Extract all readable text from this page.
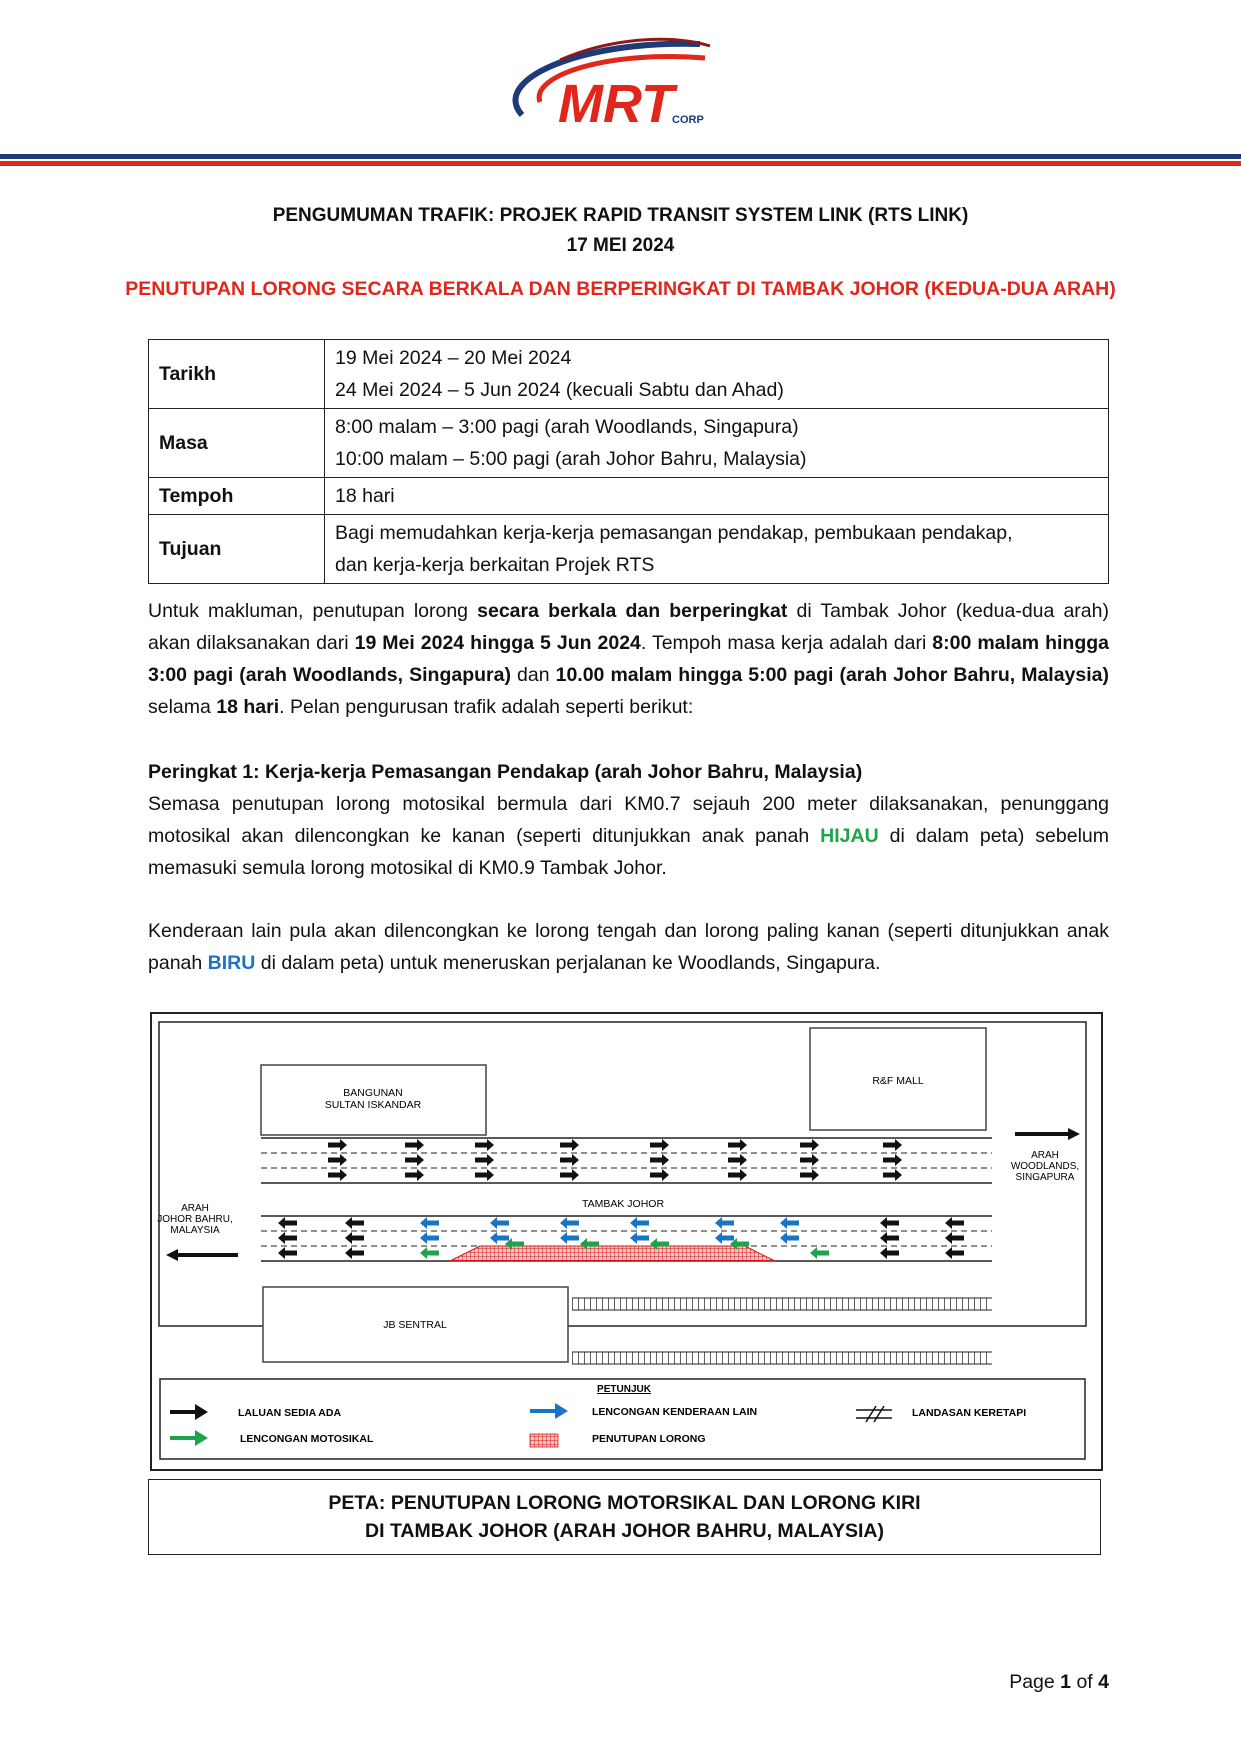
MRT
CORP
PENGUMUMAN TRAFIK: PROJEK RAPID TRANSIT SYSTEM LINK (RTS LINK)
17 MEI 2024
PENUTUPAN LORONG SECARA BERKALA DAN BERPERINGKAT DI TAMBAK JOHOR (KEDUA-DUA ARAH)
Tarikh	19 Mei 2024 – 20 Mei 2024
24 Mei 2024 – 5 Jun 2024 (kecuali Sabtu dan Ahad)

Masa	8:00 malam – 3:00 pagi (arah Woodlands, Singapura)
10:00 malam – 5:00 pagi (arah Johor Bahru, Malaysia)

Tempoh	18 hari

Tujuan	Bagi memudahkan kerja-kerja pemasangan pendakap, pembukaan pendakap,
dan kerja-kerja berkaitan Projek RTS
Untuk makluman, penutupan lorong secara berkala dan berperingkat di Tambak Johor (kedua-dua arah) akan dilaksanakan dari 19 Mei 2024 hingga 5 Jun 2024. Tempoh masa kerja adalah dari 8:00 malam hingga 3:00 pagi (arah Woodlands, Singapura) dan 10.00 malam hingga 5:00 pagi (arah Johor Bahru, Malaysia) selama 18 hari. Pelan pengurusan trafik adalah seperti berikut:
Peringkat 1: Kerja-kerja Pemasangan Pendakap (arah Johor Bahru, Malaysia)
Semasa penutupan lorong motosikal bermula dari KM0.7 sejauh 200 meter dilaksanakan, penunggang motosikal akan dilencongkan ke kanan (seperti ditunjukkan anak panah HIJAU di dalam peta) sebelum memasuki semula lorong motosikal di KM0.9 Tambak Johor.
Kenderaan lain pula akan dilencongkan ke lorong tengah dan lorong paling kanan (seperti ditunjukkan anak panah BIRU di dalam peta) untuk meneruskan perjalanan ke Woodlands, Singapura.
BANGUNAN
SULTAN ISKANDAR
R&F MALL
JB SENTRAL
TAMBAK JOHOR
ARAH
JOHOR BAHRU,
MALAYSIA
ARAH
WOODLANDS,
SINGAPURA
PETUNJUK
LALUAN SEDIA ADA
LENCONGAN MOTOSIKAL
LENCONGAN KENDERAAN LAIN
PENUTUPAN LORONG
LANDASAN KERETAPI
PETA: PENUTUPAN LORONG MOTORSIKAL DAN LORONG KIRI
DI TAMBAK JOHOR (ARAH JOHOR BAHRU, MALAYSIA)
Page 1 of 4
